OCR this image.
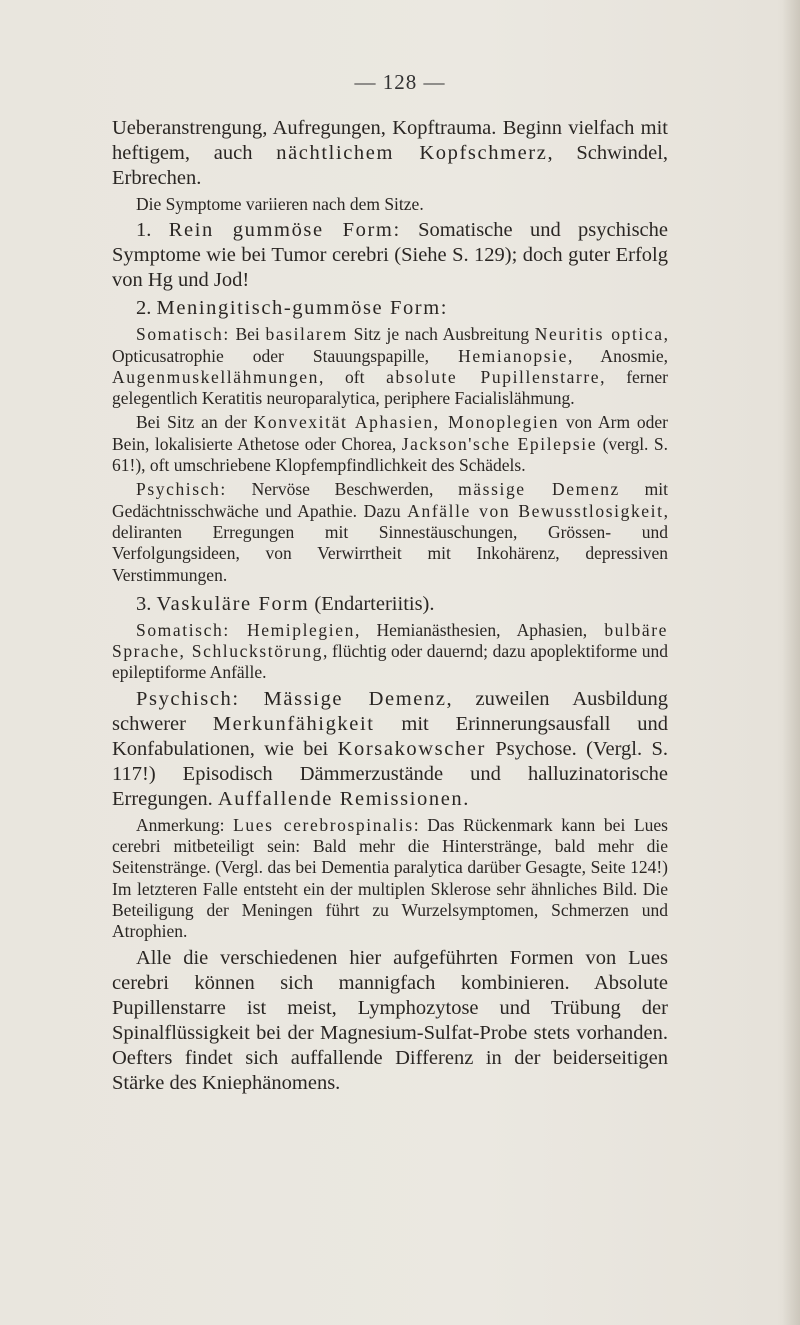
— 128 —

Ueberanstrengung, Aufregungen, Kopftrauma. Beginn vielfach mit heftigem, auch nächtlichem Kopfschmerz, Schwindel, Erbrechen.

Die Symptome variieren nach dem Sitze.

1. Rein gummöse Form: Somatische und psychische Symptome wie bei Tumor cerebri (Siehe S. 129); doch guter Erfolg von Hg und Jod!

2. Meningitisch-gummöse Form:

Somatisch: Bei basilarem Sitz je nach Ausbreitung Neuritis optica, Opticusatrophie oder Stauungspapille, Hemianopsie, Anosmie, Augenmuskellähmungen, oft absolute Pupillenstarre, ferner gelegentlich Keratitis neuroparalytica, periphere Facialislähmung.

Bei Sitz an der Konvexität Aphasien, Monoplegien von Arm oder Bein, lokalisierte Athetose oder Chorea, Jackson'sche Epilepsie (vergl. S. 61!), oft umschriebene Klopfempfindlichkeit des Schädels.

Psychisch: Nervöse Beschwerden, mässige Demenz mit Gedächtnisschwäche und Apathie. Dazu Anfälle von Bewusstlosigkeit, deliranten Erregungen mit Sinnestäuschungen, Grössen- und Verfolgungsideen, von Verwirrtheit mit Inkohärenz, depressiven Verstimmungen.

3. Vaskuläre Form (Endarteriitis).

Somatisch: Hemiplegien, Hemianästhesien, Aphasien, bulbäre Sprache, Schluckstörung, flüchtig oder dauernd; dazu apoplektiforme und epileptiforme Anfälle.

Psychisch: Mässige Demenz, zuweilen Ausbildung schwerer Merkunfähigkeit mit Erinnerungsausfall und Konfabulationen, wie bei Korsakowscher Psychose. (Vergl. S. 117!) Episodisch Dämmerzustände und halluzinatorische Erregungen. Auffallende Remissionen.

Anmerkung: Lues cerebrospinalis: Das Rückenmark kann bei Lues cerebri mitbeteiligt sein: Bald mehr die Hinterstränge, bald mehr die Seitenstränge. (Vergl. das bei Dementia paralytica darüber Gesagte, Seite 124!) Im letzteren Falle entsteht ein der multiplen Sklerose sehr ähnliches Bild. Die Beteiligung der Meningen führt zu Wurzelsymptomen, Schmerzen und Atrophien.

Alle die verschiedenen hier aufgeführten Formen von Lues cerebri können sich mannigfach kombinieren. Absolute Pupillenstarre ist meist, Lymphozytose und Trübung der Spinalflüssigkeit bei der Magnesium-Sulfat-Probe stets vorhanden. Oefters findet sich auffallende Differenz in der beiderseitigen Stärke des Kniephänomens.
